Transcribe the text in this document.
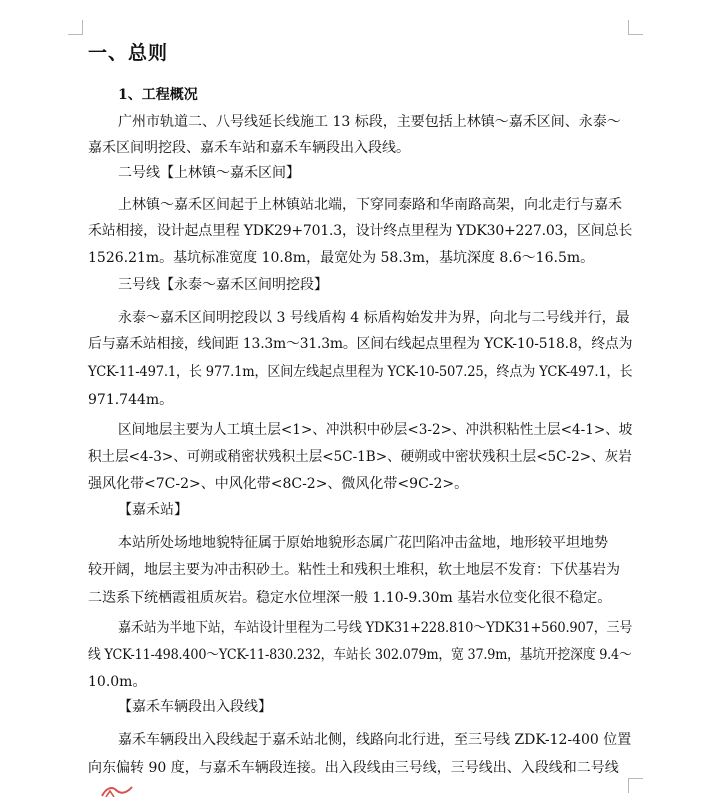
一、总则
1、工程概况
广州市轨道二、八号线延长线施工 13 标段，主要包括上林镇～嘉禾区间、永泰～
嘉禾区间明挖段、嘉禾车站和嘉禾车辆段出入段线。
二号线【上林镇～嘉禾区间】
上林镇～嘉禾区间起于上林镇站北端，下穿同泰路和华南路高架，向北走行与嘉禾
禾站相接，设计起点里程 YDK29+701.3，设计终点里程为 YDK30+227.03，区间总长
1526.21m。基坑标准宽度 10.8m，最宽处为 58.3m，基坑深度 8.6～16.5m。
三号线【永泰～嘉禾区间明挖段】
永泰～嘉禾区间明挖段以 3 号线盾构 4 标盾构始发井为界，向北与二号线并行，最
后与嘉禾站相接，线间距 13.3m～31.3m。区间右线起点里程为 YCK-10-518.8，终点为
YCK-11-497.1，长 977.1m，区间左线起点里程为 YCK-10-507.25，终点为 YCK-497.1，长
971.744m。
区间地层主要为人工填土层<1>、冲洪积中砂层<3-2>、冲洪积粘性土层<4-1>、坡
积土层<4-3>、可朔或稍密状残积土层<5C-1B>、硬朔或中密状残积土层<5C-2>、灰岩
强风化带<7C-2>、中风化带<8C-2>、微风化带<9C-2>。
【嘉禾站】
本站所处场地地貌特征属于原始地貌形态属广花凹陷冲击盆地，地形较平坦地势
较开阔，地层主要为冲击积砂土。粘性土和残积土堆积，软土地层不发育：下伏基岩为
二迭系下统栖霞祖质灰岩。稳定水位埋深一般 1.10-9.30m 基岩水位变化很不稳定。
嘉禾站为半地下站，车站设计里程为二号线 YDK31+228.810～YDK31+560.907，三号
线 YCK-11-498.400～YCK-11-830.232，车站长 302.079m，宽 37.9m，基坑开挖深度 9.4～
10.0m。
【嘉禾车辆段出入段线】
嘉禾车辆段出入段线起于嘉禾站北侧，线路向北行进，至三号线 ZDK-12-400 位置
向东偏转 90 度，与嘉禾车辆段连接。出入段线由三号线，三号线出、入段线和二号线
